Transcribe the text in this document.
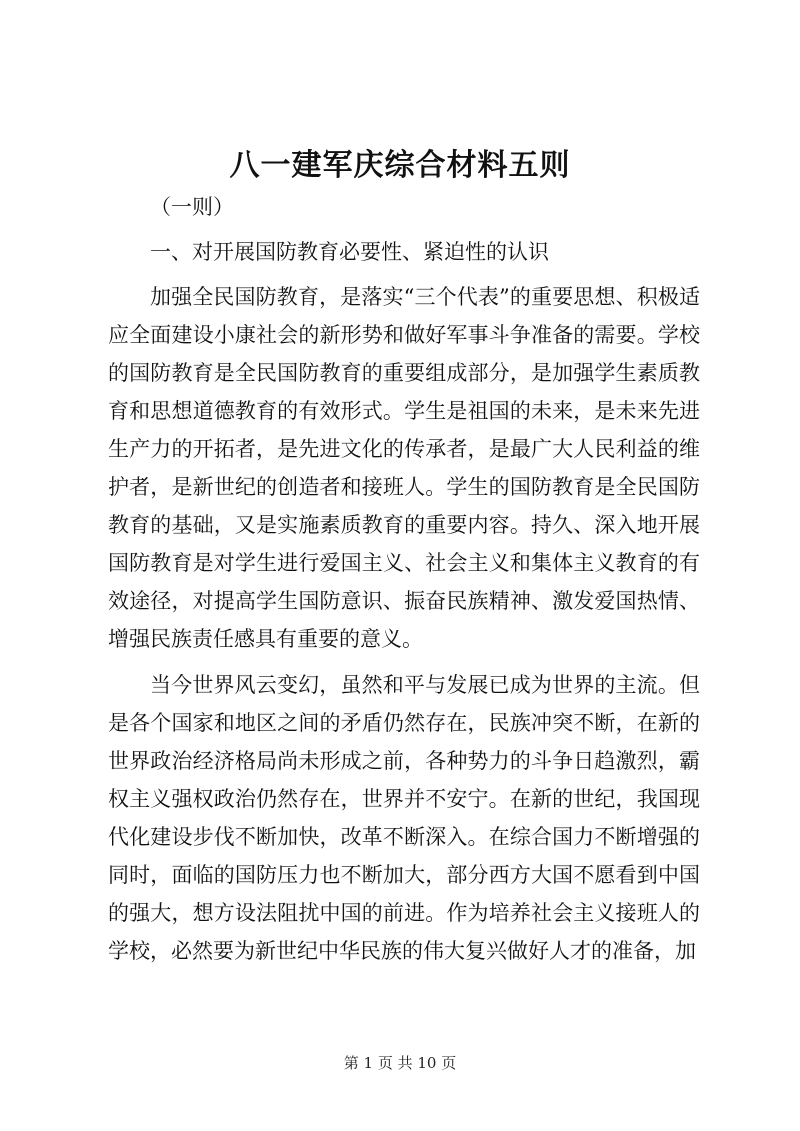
八一建军庆综合材料五则

（一则）

一、对开展国防教育必要性、紧迫性的认识

加强全民国防教育，是落实“三个代表”的重要思想、积极适应全面建设小康社会的新形势和做好军事斗争准备的需要。学校的国防教育是全民国防教育的重要组成部分，是加强学生素质教育和思想道德教育的有效形式。学生是祖国的未来，是未来先进生产力的开拓者，是先进文化的传承者，是最广大人民利益的维护者，是新世纪的创造者和接班人。学生的国防教育是全民国防教育的基础，又是实施素质教育的重要内容。持久、深入地开展国防教育是对学生进行爱国主义、社会主义和集体主义教育的有效途径，对提高学生国防意识、振奋民族精神、激发爱国热情、增强民族责任感具有重要的意义。

当今世界风云变幻，虽然和平与发展已成为世界的主流。但是各个国家和地区之间的矛盾仍然存在，民族冲突不断，在新的世界政治经济格局尚未形成之前，各种势力的斗争日趋激烈，霸权主义强权政治仍然存在，世界并不安宁。在新的世纪，我国现代化建设步伐不断加快，改革不断深入。在综合国力不断增强的同时，面临的国防压力也不断加大，部分西方大国不愿看到中国的强大，想方设法阻扰中国的前进。作为培养社会主义接班人的学校，必然要为新世纪中华民族的伟大复兴做好人才的准备，加

第 1 页 共 10 页
